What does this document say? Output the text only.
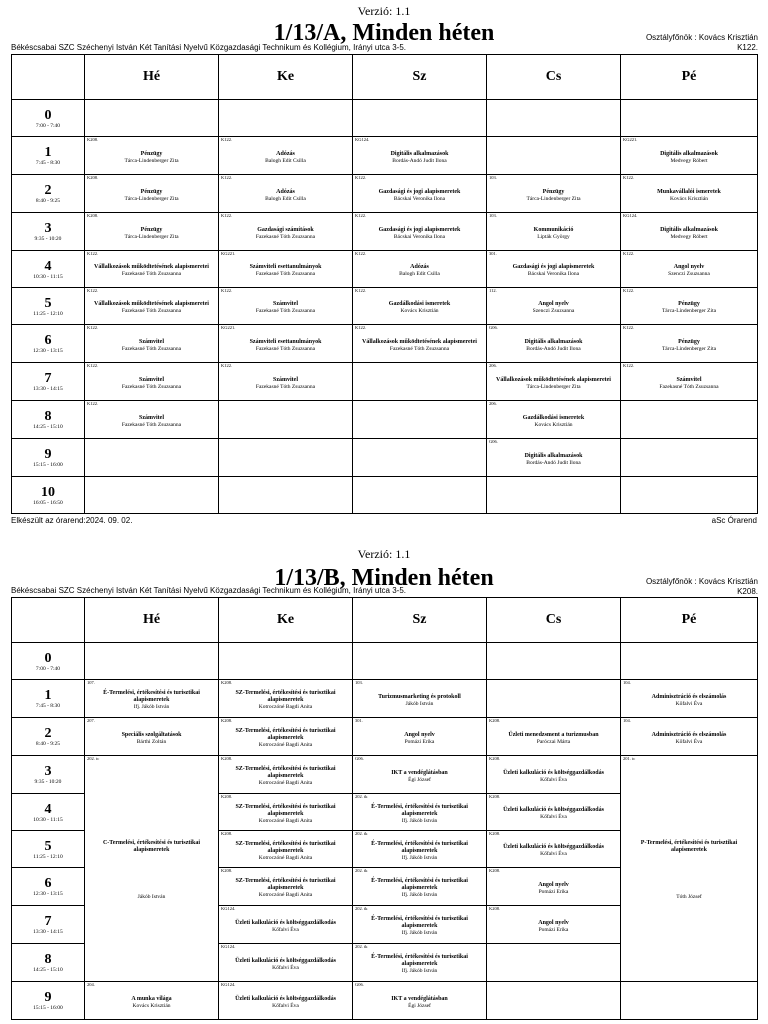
Verzió: 1.1
1/13/A, Minden héten
Békéscsabai SZC Széchenyi István Két Tanítási Nyelvű Közgazdasági Technikum és Kollégium, Irányi utca 3-5.
Osztályfőnök : Kovács Krisztián
K122.
	Hé	Ke	Sz	Cs	Pé

0
7:00 - 7:40					

1
7:45 - 8:30	K208.
Pénzügy
Tárca-Lindenberger Zita	K122.
Adózás
Balogh Edit Csilla	KG124.
Digitális alkalmazások
Bordás-Andó Judit Ilona		KG221.
Digitális alkalmazások
Medvegy Róbert

2
8:40 - 9:25	K208.
Pénzügy
Tárca-Lindenberger Zita	K122.
Adózás
Balogh Edit Csilla	K122.
Gazdasági és jogi alapismeretek
Bácskai Veronika Ilona	103.
Pénzügy
Tárca-Lindenberger Zita	K122.
Munkavállalói ismeretek
Kovács Krisztián

3
9:35 - 10:20	K208.
Pénzügy
Tárca-Lindenberger Zita	K122.
Gazdasági számítások
Fazekasné Tóth Zsuzsanna	K122.
Gazdasági és jogi alapismeretek
Bácskai Veronika Ilona	103.
Kommunikáció
Lipták György	KG124.
Digitális alkalmazások
Medvegy Róbert

4
10:30 - 11:15	K122.
Vállalkozások működtetésének alapismeretei
Fazekasné Tóth Zsuzsanna	KG221.
Számviteli esettanulmányok
Fazekasné Tóth Zsuzsanna	K122.
Adózás
Balogh Edit Csilla	301.
Gazdasági és jogi alapismeretek
Bácskai Veronika Ilona	K122.
Angol nyelv
Szenczi Zsuzsanna

5
11:25 - 12:10	K122.
Vállalkozások működtetésének alapismeretei
Fazekasné Tóth Zsuzsanna	K122.
Számvitel
Fazekasné Tóth Zsuzsanna	K122.
Gazdálkodási ismeretek
Kovács Krisztián	112.
Angol nyelv
Szenczi Zsuzsanna	K122.
Pénzügy
Tárca-Lindenberger Zita

6
12:30 - 13:15	K122.
Számvitel
Fazekasné Tóth Zsuzsanna	KG221.
Számviteli esettanulmányok
Fazekasné Tóth Zsuzsanna	K122.
Vállalkozások működtetésének alapismeretei
Fazekasné Tóth Zsuzsanna	G06.
Digitális alkalmazások
Bordás-Andó Judit Ilona	K122.
Pénzügy
Tárca-Lindenberger Zita

7
13:30 - 14:15	K122.
Számvitel
Fazekasné Tóth Zsuzsanna	K122.
Számvitel
Fazekasné Tóth Zsuzsanna		206.
Vállalkozások működtetésének alapismeretei
Tárca-Lindenberger Zita	K122.
Számvitel
Fazekasné Tóth Zsuzsanna

8
14:25 - 15:10	K122.
Számvitel
Fazekasné Tóth Zsuzsanna			206.
Gazdálkodási ismeretek
Kovács Krisztián	

9
15:15 - 16:00				G06.
Digitális alkalmazások
Bordás-Andó Judit Ilona	

10
16:05 - 16:50					

Elkészült az órarend:2024. 09. 02.	aSc Órarend
Verzió: 1.1
1/13/B, Minden héten
Békéscsabai SZC Széchenyi István Két Tanítási Nyelvű Közgazdasági Technikum és Kollégium, Irányi utca 3-5.
Osztályfőnök : Kovács Krisztián
K208.
	Hé	Ke	Sz	Cs	Pé

0
7:00 - 7:40					

1
7:45 - 8:30	107.
É-Termelési, értékesítési és turisztikai alapismeretek
Ifj. Jákób István	K208.
SZ-Termelési, értékesítési és turisztikai alapismeretek
Kotroczóné Bagdi Anita	103.
Turizmusmarketing és protokoll
Jákób István		104.
Adminisztráció és elszámolás
Kőfalvi Éva

2
8:40 - 9:25	207.
Speciális szolgáltatások
Bárthi Zoltán	K208.
SZ-Termelési, értékesítési és turisztikai alapismeretek
Kotroczóné Bagdi Anita	301.
Angol nyelv
Pomázi Erika	K208.
Üzleti menedzsment a turizmusban
Paróczai Márta	104.
Adminisztráció és elszámolás
Kőfalvi Éva

3
9:35 - 10:20	202. tc
C-Termelési, értékesítési és turisztikai alapismeretek
Jákób István	K208.
SZ-Termelési, értékesítési és turisztikai alapismeretek
Kotroczóné Bagdi Anita	G06.
IKT a vendéglátásban
Égi József	K208.
Üzleti kalkuláció és költséggazdálkodás
Kőfalvi Éva	201. tc
P-Termelési, értékesítési és turisztikai alapismeretek
Tóth József

4
10:30 - 11:15		K208.
SZ-Termelési, értékesítési és turisztikai alapismeretek
Kotroczóné Bagdi Anita	202. tk
É-Termelési, értékesítési és turisztikai alapismeretek
Ifj. Jákób István	K208.
Üzleti kalkuláció és költséggazdálkodás
Kőfalvi Éva	

5
11:25 - 12:10		K208.
SZ-Termelési, értékesítési és turisztikai alapismeretek
Kotroczóné Bagdi Anita	202. tk
É-Termelési, értékesítési és turisztikai alapismeretek
Ifj. Jákób István	K208.
Üzleti kalkuláció és költséggazdálkodás
Kőfalvi Éva	

6
12:30 - 13:15		K208.
SZ-Termelési, értékesítési és turisztikai alapismeretek
Kotroczóné Bagdi Anita	202. tk
É-Termelési, értékesítési és turisztikai alapismeretek
Ifj. Jákób István	K208.
Angol nyelv
Pomázi Erika	

7
13:30 - 14:15		KG124.
Üzleti kalkuláció és költséggazdálkodás
Kőfalvi Éva	202. tk
É-Termelési, értékesítési és turisztikai alapismeretek
Ifj. Jákób István	K208.
Angol nyelv
Pomázi Erika	

8
14:25 - 15:10		KG124.
Üzleti kalkuláció és költséggazdálkodás
Kőfalvi Éva	202. tk
É-Termelési, értékesítési és turisztikai alapismeretek
Ifj. Jákób István		

9
15:15 - 16:00	204.
A munka világa
Kovács Krisztián	KG124.
Üzleti kalkuláció és költséggazdálkodás
Kőfalvi Éva	G06.
IKT a vendéglátásban
Égi József		
